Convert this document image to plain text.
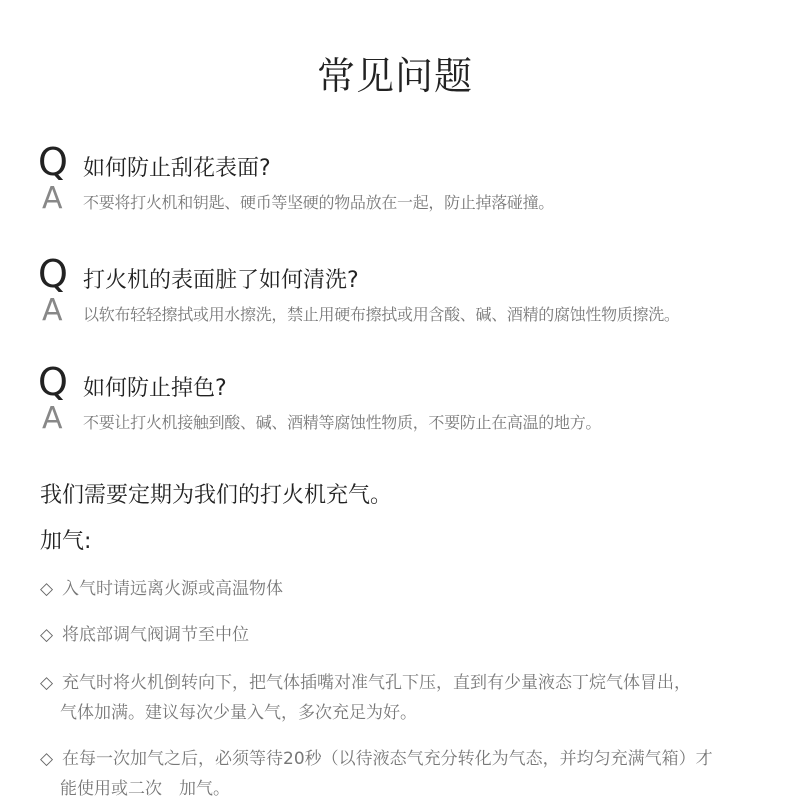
常见问题
Q 如何防止刮花表面?
A	不要将打火机和钥匙、硬币等坚硬的物品放在一起，防止掉落碰撞。
Q 打火机的表面脏了如何清洗?
A	以软布轻轻擦拭或用水擦洗，禁止用硬布擦拭或用含酸、碱、酒精的腐蚀性物质擦洗。
Q 如何防止掉色?
A	不要让打火机接触到酸、碱、酒精等腐蚀性物质，不要防止在高温的地方。
我们需要定期为我们的打火机充气。
加气:
◇ 入气时请远离火源或高温物体
◇ 将底部调气阀调节至中位
◇ 充气时将火机倒转向下，把气体插嘴对准气孔下压，直到有少量液态丁烷气体冒出，
气体加满。建议每次少量入气，多次充足为好。
◇ 在每一次加气之后，必须等待20秒（以待液态气充分转化为气态，并均匀充满气箱）才
能使用或二次　加气。
